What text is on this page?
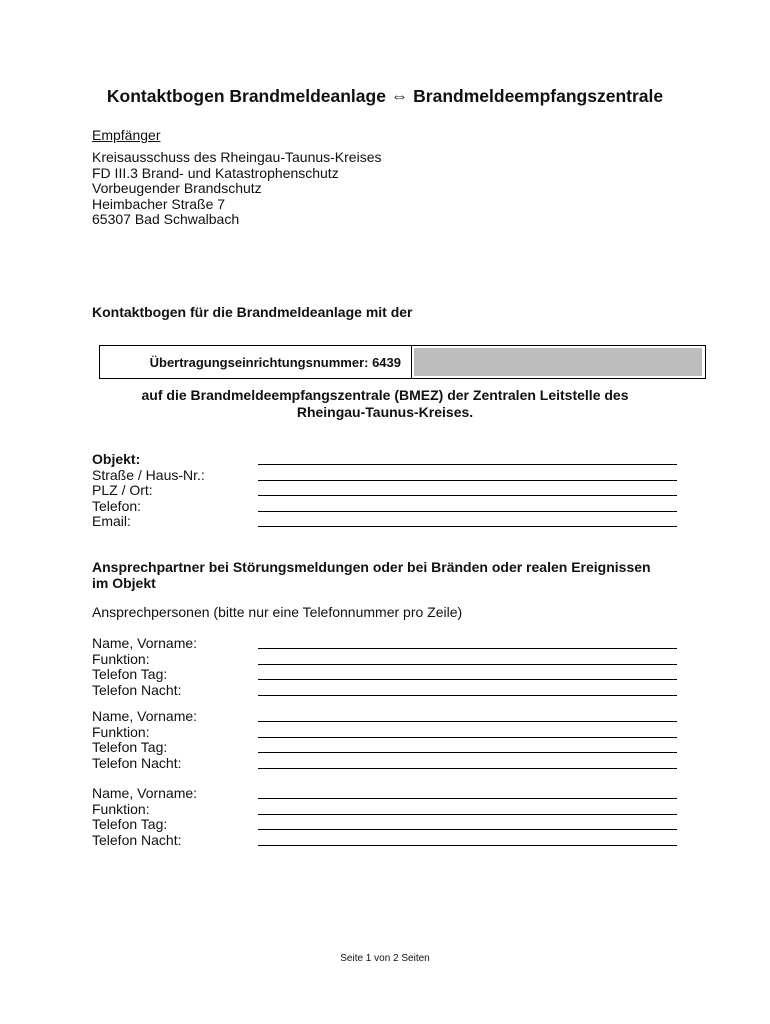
Kontaktbogen Brandmeldeanlage ⇔ Brandmeldeempfangszentrale
Empfänger
Kreisausschuss des Rheingau-Taunus-Kreises
FD III.3 Brand- und Katastrophenschutz
Vorbeugender Brandschutz
Heimbacher Straße 7
65307 Bad Schwalbach
Kontaktbogen für die Brandmeldeanlage mit der
Übertragungseinrichtungsnummer: 6439
auf die Brandmeldeempfangszentrale (BMEZ) der Zentralen Leitstelle des
Rheingau-Taunus-Kreises.
Objekt:
Straße / Haus-Nr.:
PLZ / Ort:
Telefon:
Email:
Ansprechpartner bei Störungsmeldungen oder bei Bränden oder realen Ereignissen
im Objekt
Ansprechpersonen (bitte nur eine Telefonnummer pro Zeile)
Name, Vorname:
Funktion:
Telefon Tag:
Telefon Nacht:
Name, Vorname:
Funktion:
Telefon Tag:
Telefon Nacht:
Name, Vorname:
Funktion:
Telefon Tag:
Telefon Nacht:
Seite 1 von 2 Seiten
